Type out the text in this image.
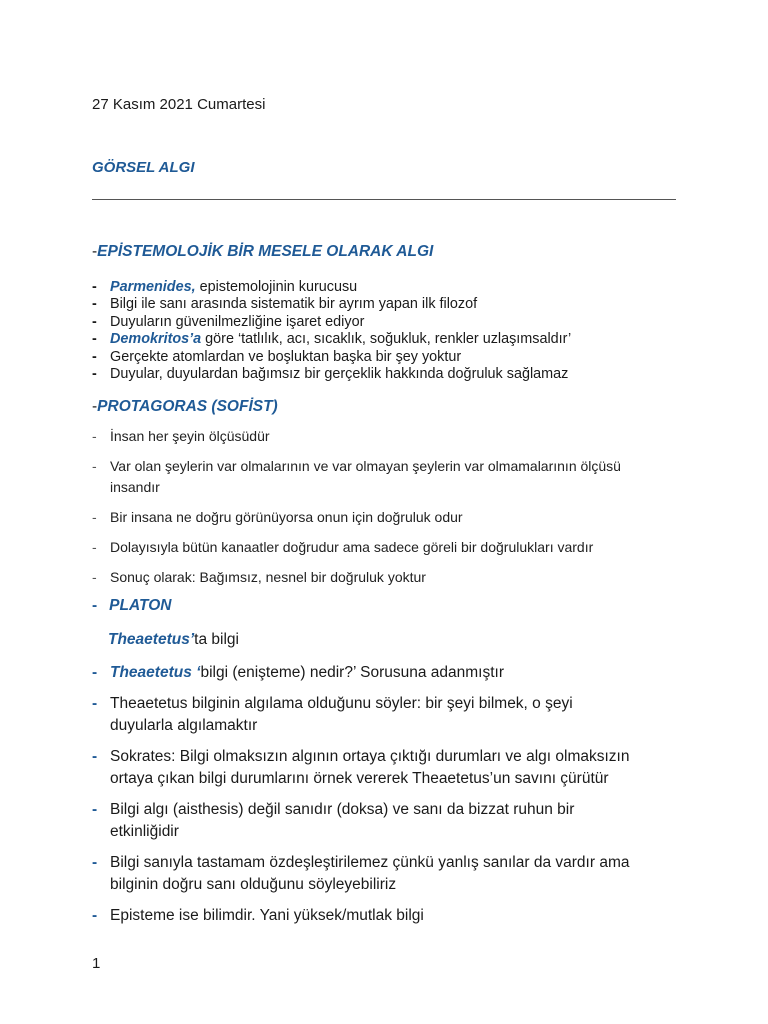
27 Kasım 2021 Cumartesi
GÖRSEL ALGI
-EPİSTEMOLOJİK BİR MESELE OLARAK ALGI
- Parmenides, epistemolojinin kurucusu
- Bilgi ile sanı arasında sistematik bir ayrım yapan ilk filozof
- Duyuların güvenilmezliğine işaret ediyor
- Demokritos’a göre ‘tatlılık, acı, sıcaklık, soğukluk, renkler uzlaşımsaldır’
- Gerçekte atomlardan ve boşluktan başka bir şey yoktur
- Duyular, duyulardan bağımsız bir gerçeklik hakkında doğruluk sağlamaz
-PROTAGORAS (SOFİST)
- İnsan her şeyin ölçüsüdür
- Var olan şeylerin var olmalarının ve var olmayan şeylerin var olmamalarının ölçüsü
insandır
- Bir insana ne doğru görünüyorsa onun için doğruluk odur
- Dolayısıyla bütün kanaatler doğrudur ama sadece göreli bir doğrulukları vardır
- Sonuç olarak: Bağımsız, nesnel bir doğruluk yoktur
- PLATON
Theaetetus’ta bilgi
- Theaetetus ‘bilgi (enişteme) nedir?’ Sorusuna adanmıştır
- Theaetetus bilginin algılama olduğunu söyler: bir şeyi bilmek, o şeyi
duyularla algılamaktır
- Sokrates: Bilgi olmaksızın algının ortaya çıktığı durumları ve algı olmaksızın
ortaya çıkan bilgi durumlarını örnek vererek Theaetetus’un savını çürütür
- Bilgi algı (aisthesis) değil sanıdır (doksa) ve sanı da bizzat ruhun bir
etkinliğidir
- Bilgi sanıyla tastamam özdeşleştirilemez çünkü yanlış sanılar da vardır ama
bilginin doğru sanı olduğunu söyleyebiliriz
- Episteme ise bilimdir. Yani yüksek/mutlak bilgi
1
